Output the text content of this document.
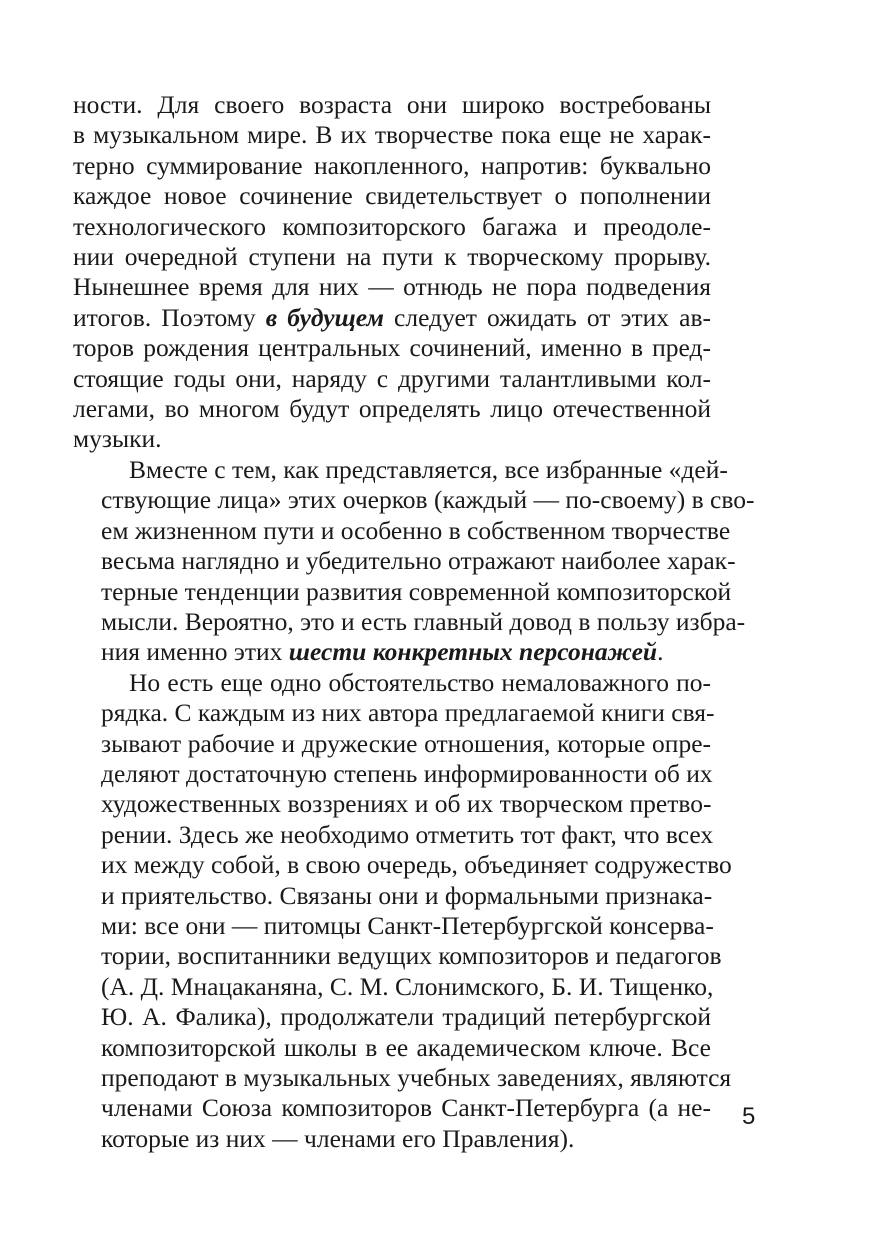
ности. Для своего возраста они широко востребованы
в музыкальном мире. В их творчестве пока еще не харак-
терно суммирование накопленного, напротив: буквально
каждое новое сочинение свидетельствует о пополнении
технологического композиторского багажа и преодоле-
нии очередной ступени на пути к творческому прорыву.
Нынешнее время для них — отнюдь не пора подведения
итогов. Поэтому в будущем следует ожидать от этих ав-
торов рождения центральных сочинений, именно в пред-
стоящие годы они, наряду с другими талантливыми кол-
легами, во многом будут определять лицо отечественной
музыки.
Вместе с тем, как представляется, все избранные «дей-
ствующие лица» этих очерков (каждый — по-своему) в сво-
ем жизненном пути и особенно в собственном творчестве
весьма наглядно и убедительно отражают наиболее харак-
терные тенденции развития современной композиторской
мысли. Вероятно, это и есть главный довод в пользу избра-
ния именно этих шести конкретных персонажей.
Но есть еще одно обстоятельство немаловажного по-
рядка. С каждым из них автора предлагаемой книги свя-
зывают рабочие и дружеские отношения, которые опре-
деляют достаточную степень информированности об их
художественных воззрениях и об их творческом претво-
рении. Здесь же необходимо отметить тот факт, что всех
их между собой, в свою очередь, объединяет содружество
и приятельство. Связаны они и формальными признака-
ми: все они — питомцы Санкт-Петербургской консерва-
тории, воспитанники ведущих композиторов и педагогов
(А. Д. Мнацаканяна, С. М. Слонимского, Б. И. Тищенко,
Ю. А. Фалика), продолжатели традиций петербургской
композиторской школы в ее академическом ключе. Все
преподают в музыкальных учебных заведениях, являются
членами Союза композиторов Санкт-Петербурга (а не-
которые из них — членами его Правления).
5
